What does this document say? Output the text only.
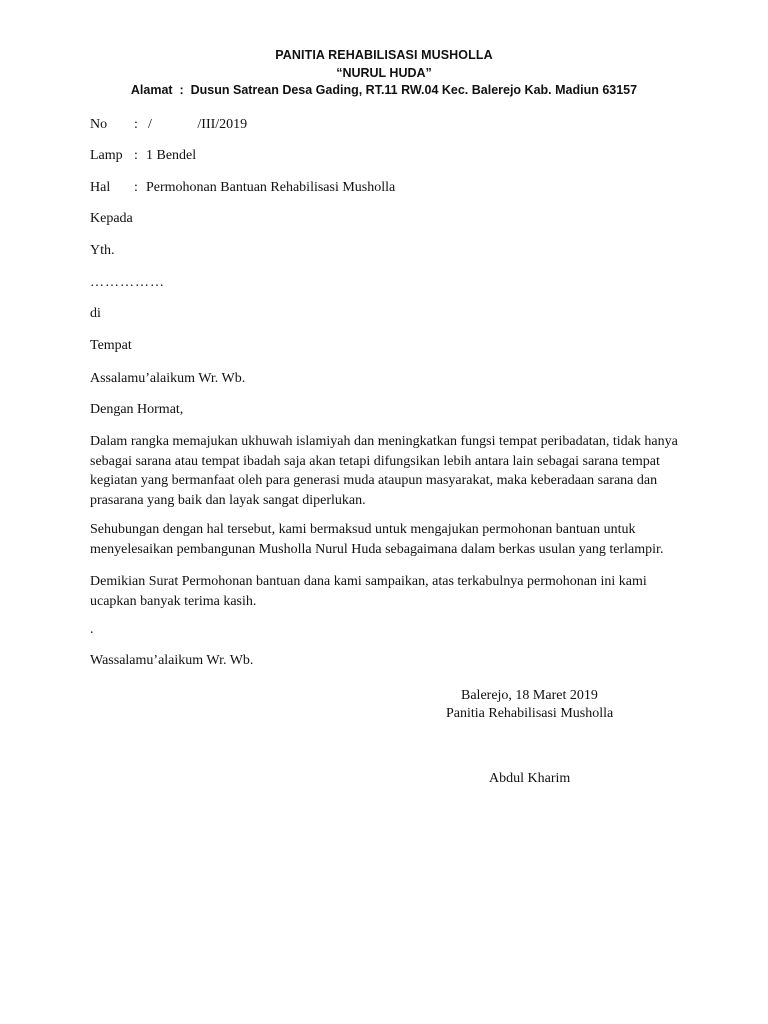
PANITIA REHABILISASI MUSHOLLA
“NURUL HUDA”
Alamat  :  Dusun Satrean Desa Gading, RT.11 RW.04 Kec. Balerejo Kab. Madiun 63157
No : /             /III/2019
Lamp : 1 Bendel
Hal : Permohonan Bantuan Rehabilisasi Musholla
Kepada
Yth.
……………
di
Tempat
Assalamu’alaikum Wr. Wb.
Dengan Hormat,
Dalam rangka memajukan ukhuwah islamiyah dan meningkatkan fungsi tempat peribadatan, tidak hanya
sebagai sarana atau tempat ibadah saja akan tetapi difungsikan lebih antara lain sebagai sarana tempat
kegiatan yang bermanfaat oleh para generasi muda ataupun masyarakat, maka keberadaan sarana dan
prasarana yang baik dan layak sangat diperlukan.
Sehubungan dengan hal tersebut, kami bermaksud untuk mengajukan permohonan bantuan untuk
menyelesaikan pembangunan Musholla Nurul Huda sebagaimana dalam berkas usulan yang terlampir.
Demikian Surat Permohonan bantuan dana kami sampaikan, atas terkabulnya permohonan ini kami
ucapkan banyak terima kasih.
.
Wassalamu’alaikum Wr. Wb.
Balerejo, 18 Maret 2019
Panitia Rehabilisasi Musholla
Abdul Kharim
